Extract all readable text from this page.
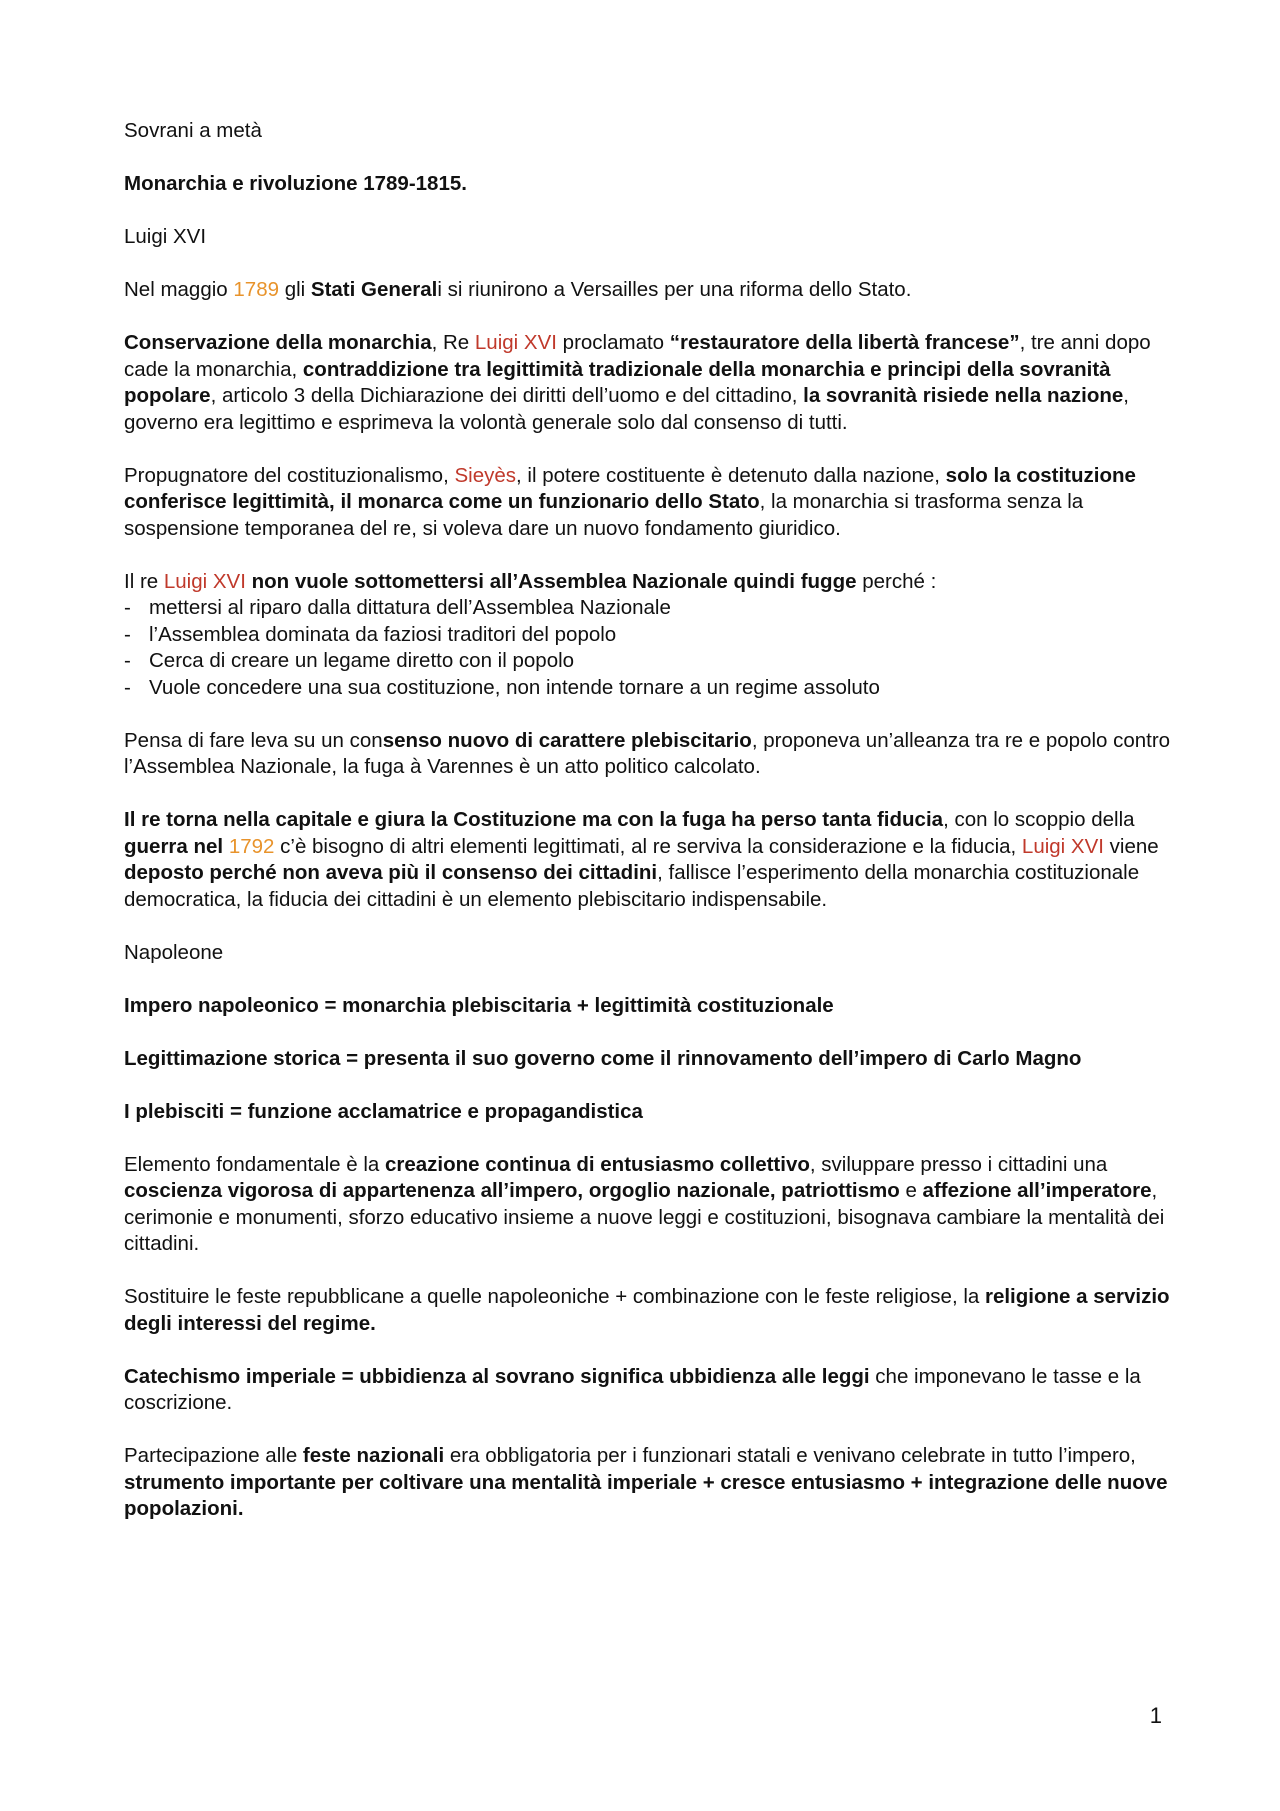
Sovrani a metà

Monarchia e rivoluzione 1789-1815.

Luigi XVI

Nel maggio 1789 gli Stati Generali si riunirono a Versailles per una riforma dello Stato.

Conservazione della monarchia, Re Luigi XVI proclamato “restauratore della libertà francese”, tre anni dopo cade la monarchia, contraddizione tra legittimità tradizionale della monarchia e principi della sovranità popolare, articolo 3 della Dichiarazione dei diritti dell’uomo e del cittadino, la sovranità risiede nella nazione, governo era legittimo e esprimeva la volontà generale solo dal consenso di tutti.

Propugnatore del costituzionalismo, Sieyès, il potere costituente è detenuto dalla nazione, solo la costituzione conferisce legittimità, il monarca come un funzionario dello Stato, la monarchia si trasforma senza la sospensione temporanea del re, si voleva dare un nuovo fondamento giuridico.

Il re Luigi XVI non vuole sottomettersi all’Assemblea Nazionale quindi fugge perché :

- mettersi al riparo dalla dittatura dell’Assemblea Nazionale
- l’Assemblea dominata da faziosi traditori del popolo
- Cerca di creare un legame diretto con il popolo
- Vuole concedere una sua costituzione, non intende tornare a un regime assoluto

Pensa di fare leva su un consenso nuovo di carattere plebiscitario, proponeva un’alleanza tra re e popolo contro l’Assemblea Nazionale, la fuga à Varennes è un atto politico calcolato.

Il re torna nella capitale e giura la Costituzione ma con la fuga ha perso tanta fiducia, con lo scoppio della guerra nel 1792 c’è bisogno di altri elementi legittimati, al re serviva la considerazione e la fiducia, Luigi XVI viene deposto perché non aveva più il consenso dei cittadini, fallisce l’esperimento della monarchia costituzionale democratica, la fiducia dei cittadini è un elemento plebiscitario indispensabile.

Napoleone

Impero napoleonico = monarchia plebiscitaria + legittimità costituzionale

Legittimazione storica = presenta il suo governo come il rinnovamento dell’impero di Carlo Magno

I plebisciti = funzione acclamatrice e propagandistica

Elemento fondamentale è la creazione continua di entusiasmo collettivo, sviluppare presso i cittadini una coscienza vigorosa di appartenenza all’impero, orgoglio nazionale, patriottismo e affezione all’imperatore, cerimonie e monumenti, sforzo educativo insieme a nuove leggi e costituzioni, bisognava cambiare la mentalità dei cittadini.

Sostituire le feste repubblicane a quelle napoleoniche + combinazione con le feste religiose, la religione a servizio degli interessi del regime.

Catechismo imperiale = ubbidienza al sovrano significa ubbidienza alle leggi che imponevano le tasse e la coscrizione.

Partecipazione alle feste nazionali era obbligatoria per i funzionari statali e venivano celebrate in tutto l’impero, strumento importante per coltivare una mentalità imperiale + cresce entusiasmo + integrazione delle nuove popolazioni.

1
